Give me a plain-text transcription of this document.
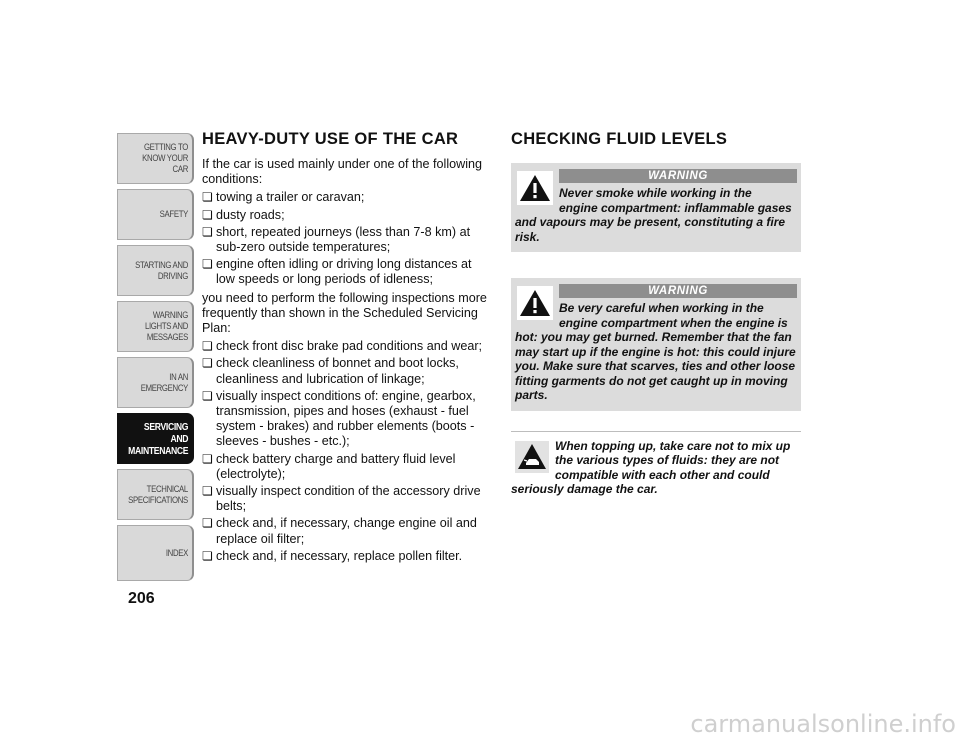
GETTING TO KNOW YOUR CAR
SAFETY
STARTING AND DRIVING
WARNING LIGHTS AND MESSAGES
IN AN EMERGENCY
SERVICING AND MAINTENANCE
TECHNICAL SPECIFICATIONS
INDEX
206
HEAVY-DUTY USE OF THE CAR

If the car is used mainly under one of the following conditions:

❏ towing a trailer or caravan;
❏ dusty roads;
❏ short, repeated journeys (less than 7-8 km) at sub-zero outside temperatures;
❏ engine often idling or driving long distances at low speeds or long periods of idleness;

you need to perform the following inspections more frequently than shown in the Scheduled Servicing Plan:

❏ check front disc brake pad conditions and wear;
❏ check cleanliness of bonnet and boot locks, cleanliness and lubrication of linkage;
❏ visually inspect conditions of: engine, gearbox, transmission, pipes and hoses (exhaust - fuel system - brakes) and rubber elements (boots - sleeves - bushes - etc.);
❏ check battery charge and battery fluid level (electrolyte);
❏ visually inspect condition of the accessory drive belts;
❏ check and, if necessary, change engine oil and replace oil filter;
❏ check and, if necessary, replace pollen filter.
CHECKING FLUID LEVELS
WARNING
Never smoke while working in the
engine compartment: inflammable gases
and vapours may be present, constituting a fire risk.
WARNING
Be very careful when working in the
engine compartment when the engine is
hot: you may get burned. Remember that the fan may start up if the engine is hot: this could injure you. Make sure that scarves, ties and other loose fitting garments do not get caught up in moving parts.
When topping up, take care not to mix up
the various types of fluids: they are not
compatible with each other and could
seriously damage the car.
carmanualsonline.info
